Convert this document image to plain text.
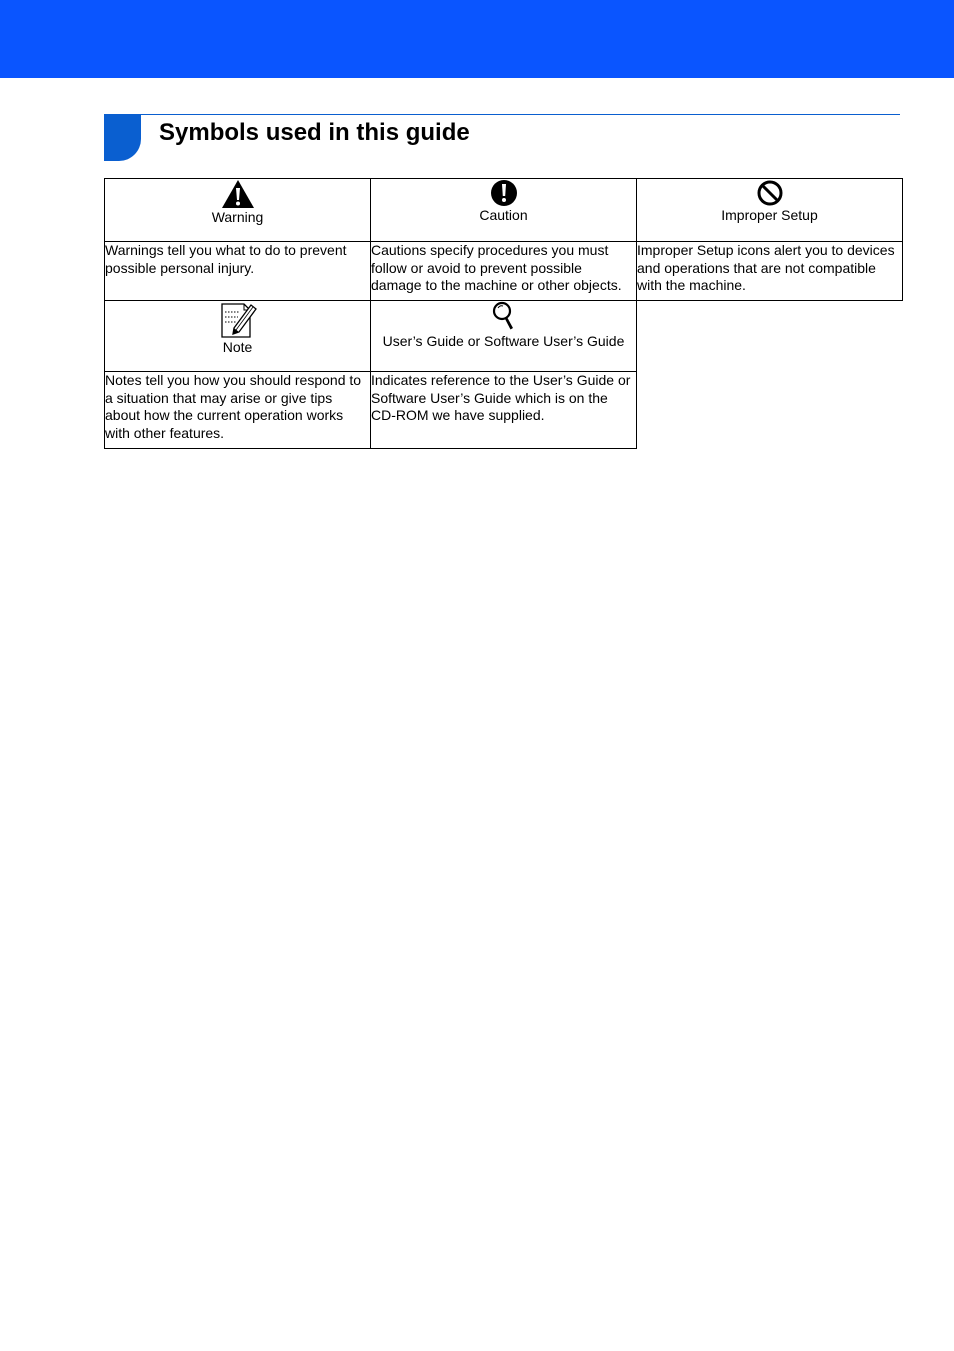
Symbols used in this guide
Warning	Caution	Improper Setup

Warnings tell you what to do to prevent possible personal injury.	Cautions specify procedures you must follow or avoid to prevent possible damage to the machine or other objects.	Improper Setup icons alert you to devices and operations that are not compatible with the machine.

Note	User’s Guide or Software User’s Guide	

Notes tell you how you should respond to a situation that may arise or give tips about how the current operation works with other features.	Indicates reference to the User’s Guide or Software User’s Guide which is on the CD-ROM we have supplied.	
